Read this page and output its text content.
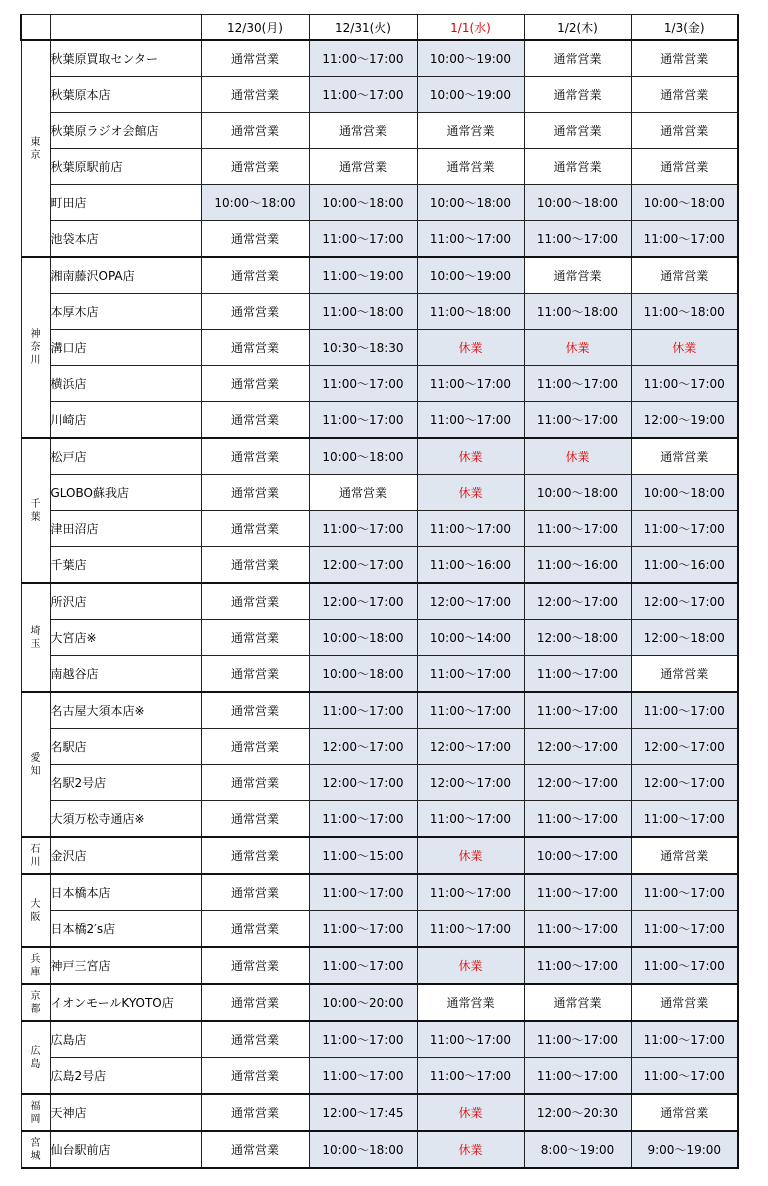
		12/30(月)	12/31(火)	1/1(水)	1/2(木)	1/3(金)
東京	秋葉原買取センター	通常営業	11:00～17:00	10:00～19:00	通常営業	通常営業
	秋葉原本店	通常営業	11:00～17:00	10:00～19:00	通常営業	通常営業
	秋葉原ラジオ会館店	通常営業	通常営業	通常営業	通常営業	通常営業
	秋葉原駅前店	通常営業	通常営業	通常営業	通常営業	通常営業
	町田店	10:00～18:00	10:00～18:00	10:00～18:00	10:00～18:00	10:00～18:00
	池袋本店	通常営業	11:00～17:00	11:00～17:00	11:00～17:00	11:00～17:00
神奈川	湘南藤沢OPA店	通常営業	11:00～19:00	10:00～19:00	通常営業	通常営業
	本厚木店	通常営業	11:00～18:00	11:00～18:00	11:00～18:00	11:00～18:00
	溝口店	通常営業	10:30～18:30	休業	休業	休業
	横浜店	通常営業	11:00～17:00	11:00～17:00	11:00～17:00	11:00～17:00
	川崎店	通常営業	11:00～17:00	11:00～17:00	11:00～17:00	12:00～19:00
千葉	松戸店	通常営業	10:00～18:00	休業	休業	通常営業
	GLOBO蘇我店	通常営業	通常営業	休業	10:00～18:00	10:00～18:00
	津田沼店	通常営業	11:00～17:00	11:00～17:00	11:00～17:00	11:00～17:00
	千葉店	通常営業	12:00～17:00	11:00～16:00	11:00～16:00	11:00～16:00
埼玉	所沢店	通常営業	12:00～17:00	12:00～17:00	12:00～17:00	12:00～17:00
	大宮店※	通常営業	10:00～18:00	10:00～14:00	12:00～18:00	12:00～18:00
	南越谷店	通常営業	10:00～18:00	11:00～17:00	11:00～17:00	通常営業
愛知	名古屋大須本店※	通常営業	11:00～17:00	11:00～17:00	11:00～17:00	11:00～17:00
	名駅店	通常営業	12:00～17:00	12:00～17:00	12:00～17:00	12:00～17:00
	名駅2号店	通常営業	12:00～17:00	12:00～17:00	12:00～17:00	12:00～17:00
	大須万松寺通店※	通常営業	11:00～17:00	11:00～17:00	11:00～17:00	11:00～17:00
石川	金沢店	通常営業	11:00～15:00	休業	10:00～17:00	通常営業
大阪	日本橋本店	通常営業	11:00～17:00	11:00～17:00	11:00～17:00	11:00～17:00
	日本橋2′s店	通常営業	11:00～17:00	11:00～17:00	11:00～17:00	11:00～17:00
兵庫	神戸三宮店	通常営業	11:00～17:00	休業	11:00～17:00	11:00～17:00
京都	イオンモールKYOTO店	通常営業	10:00～20:00	通常営業	通常営業	通常営業
広島	広島店	通常営業	11:00～17:00	11:00～17:00	11:00～17:00	11:00～17:00
	広島2号店	通常営業	11:00～17:00	11:00～17:00	11:00～17:00	11:00～17:00
福岡	天神店	通常営業	12:00～17:45	休業	12:00～20:30	通常営業
宮城	仙台駅前店	通常営業	10:00～18:00	休業	8:00～19:00	9:00～19:00
